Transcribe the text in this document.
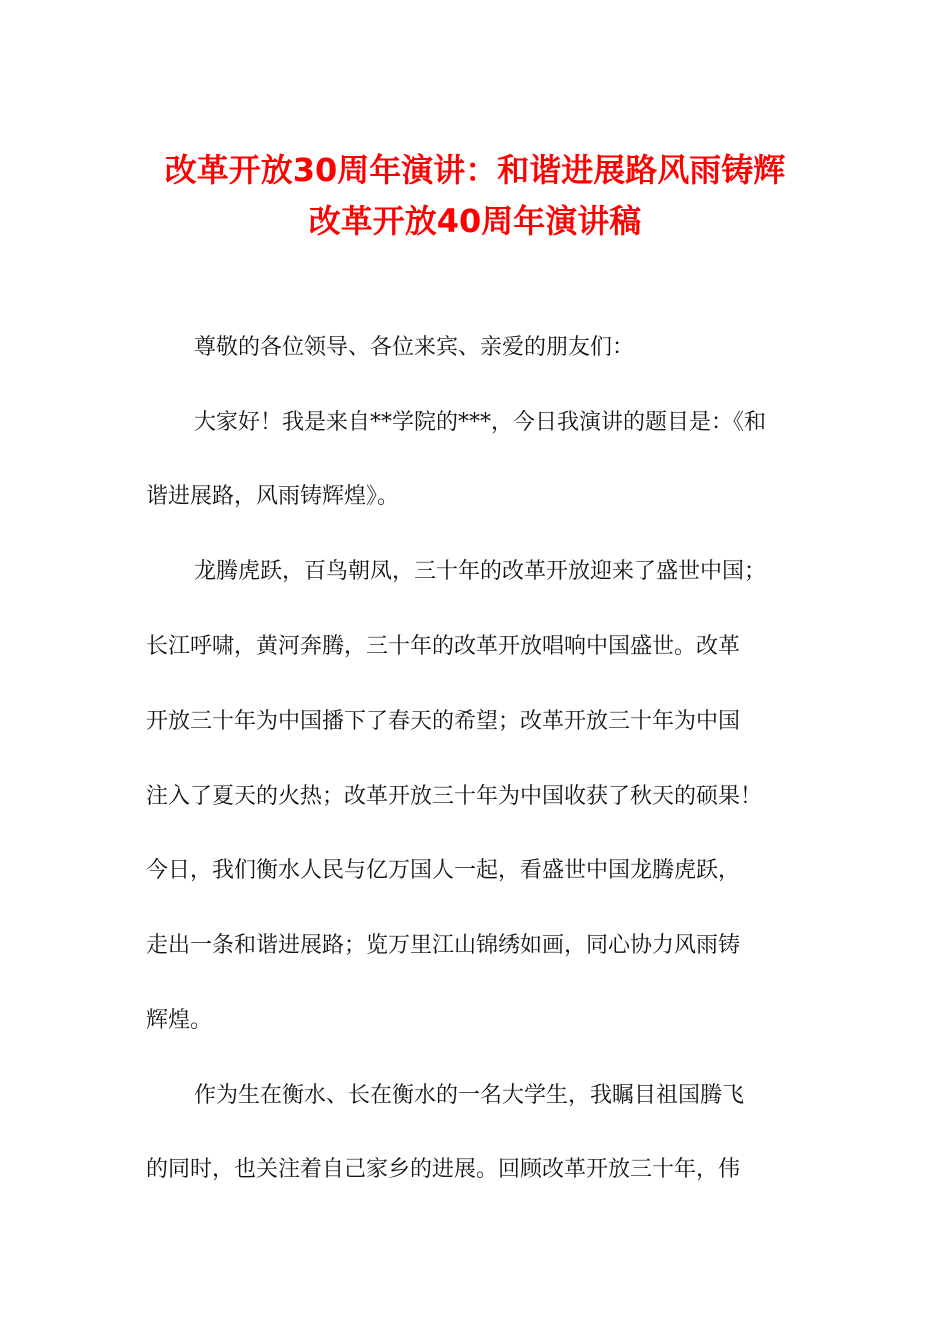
改革开放30周年演讲：和谐进展路风雨铸辉
改革开放40周年演讲稿
尊敬的各位领导、各位来宾、亲爱的朋友们：
大家好！我是来自**学院的***，今日我演讲的题目是：《和
谐进展路，风雨铸辉煌》。
龙腾虎跃，百鸟朝凤，三十年的改革开放迎来了盛世中国；
长江呼啸，黄河奔腾，三十年的改革开放唱响中国盛世。改革
开放三十年为中国播下了春天的希望；改革开放三十年为中国
注入了夏天的火热；改革开放三十年为中国收获了秋天的硕果！
今日，我们衡水人民与亿万国人一起，看盛世中国龙腾虎跃，
走出一条和谐进展路；览万里江山锦绣如画，同心协力风雨铸
辉煌。
作为生在衡水、长在衡水的一名大学生，我瞩目祖国腾飞
的同时，也关注着自己家乡的进展。回顾改革开放三十年，伟
